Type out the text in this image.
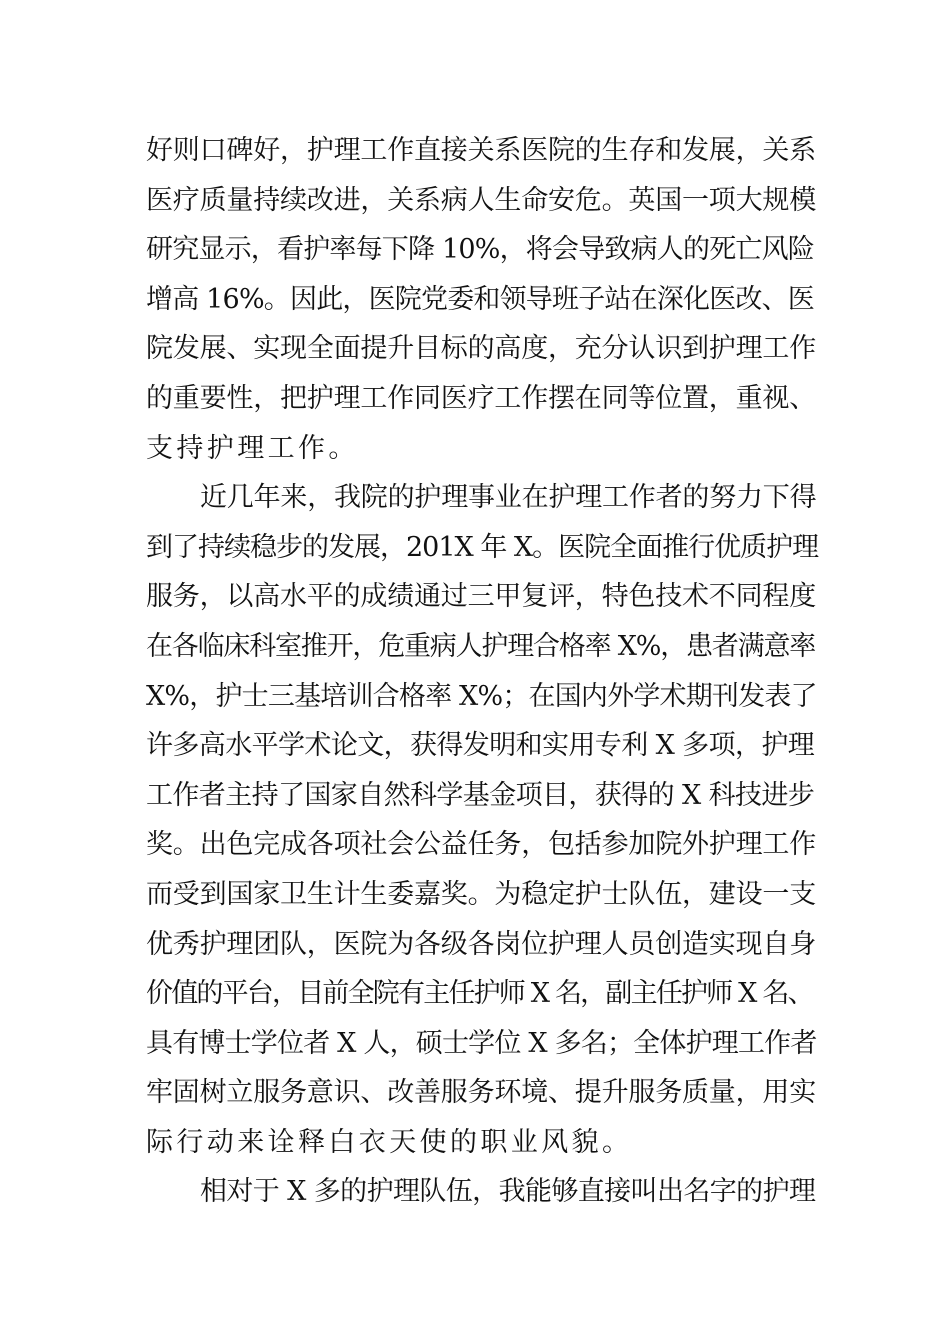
好则口碑好，护理工作直接关系医院的生存和发展，关系
医疗质量持续改进，关系病人生命安危。英国一项大规模
研究显示，看护率每下降 10%，将会导致病人的死亡风险
增高 16%。因此，医院党委和领导班子站在深化医改、医
院发展、实现全面提升目标的高度，充分认识到护理工作
的重要性，把护理工作同医疗工作摆在同等位置，重视、
支持护理工作。
近几年来，我院的护理事业在护理工作者的努力下得
到了持续稳步的发展，201X 年 X。医院全面推行优质护理
服务，以高水平的成绩通过三甲复评，特色技术不同程度
在各临床科室推开，危重病人护理合格率 X%，患者满意率
X%，护士三基培训合格率 X%；在国内外学术期刊发表了
许多高水平学术论文，获得发明和实用专利 X 多项，护理
工作者主持了国家自然科学基金项目，获得的 X 科技进步
奖。出色完成各项社会公益任务，包括参加院外护理工作
而受到国家卫生计生委嘉奖。为稳定护士队伍，建设一支
优秀护理团队，医院为各级各岗位护理人员创造实现自身
价值的平台，目前全院有主任护师 X 名，副主任护师 X 名、
具有博士学位者 X 人，硕士学位 X 多名；全体护理工作者
牢固树立服务意识、改善服务环境、提升服务质量，用实
际行动来诠释白衣天使的职业风貌。
相对于 X 多的护理队伍，我能够直接叫出名字的护理
